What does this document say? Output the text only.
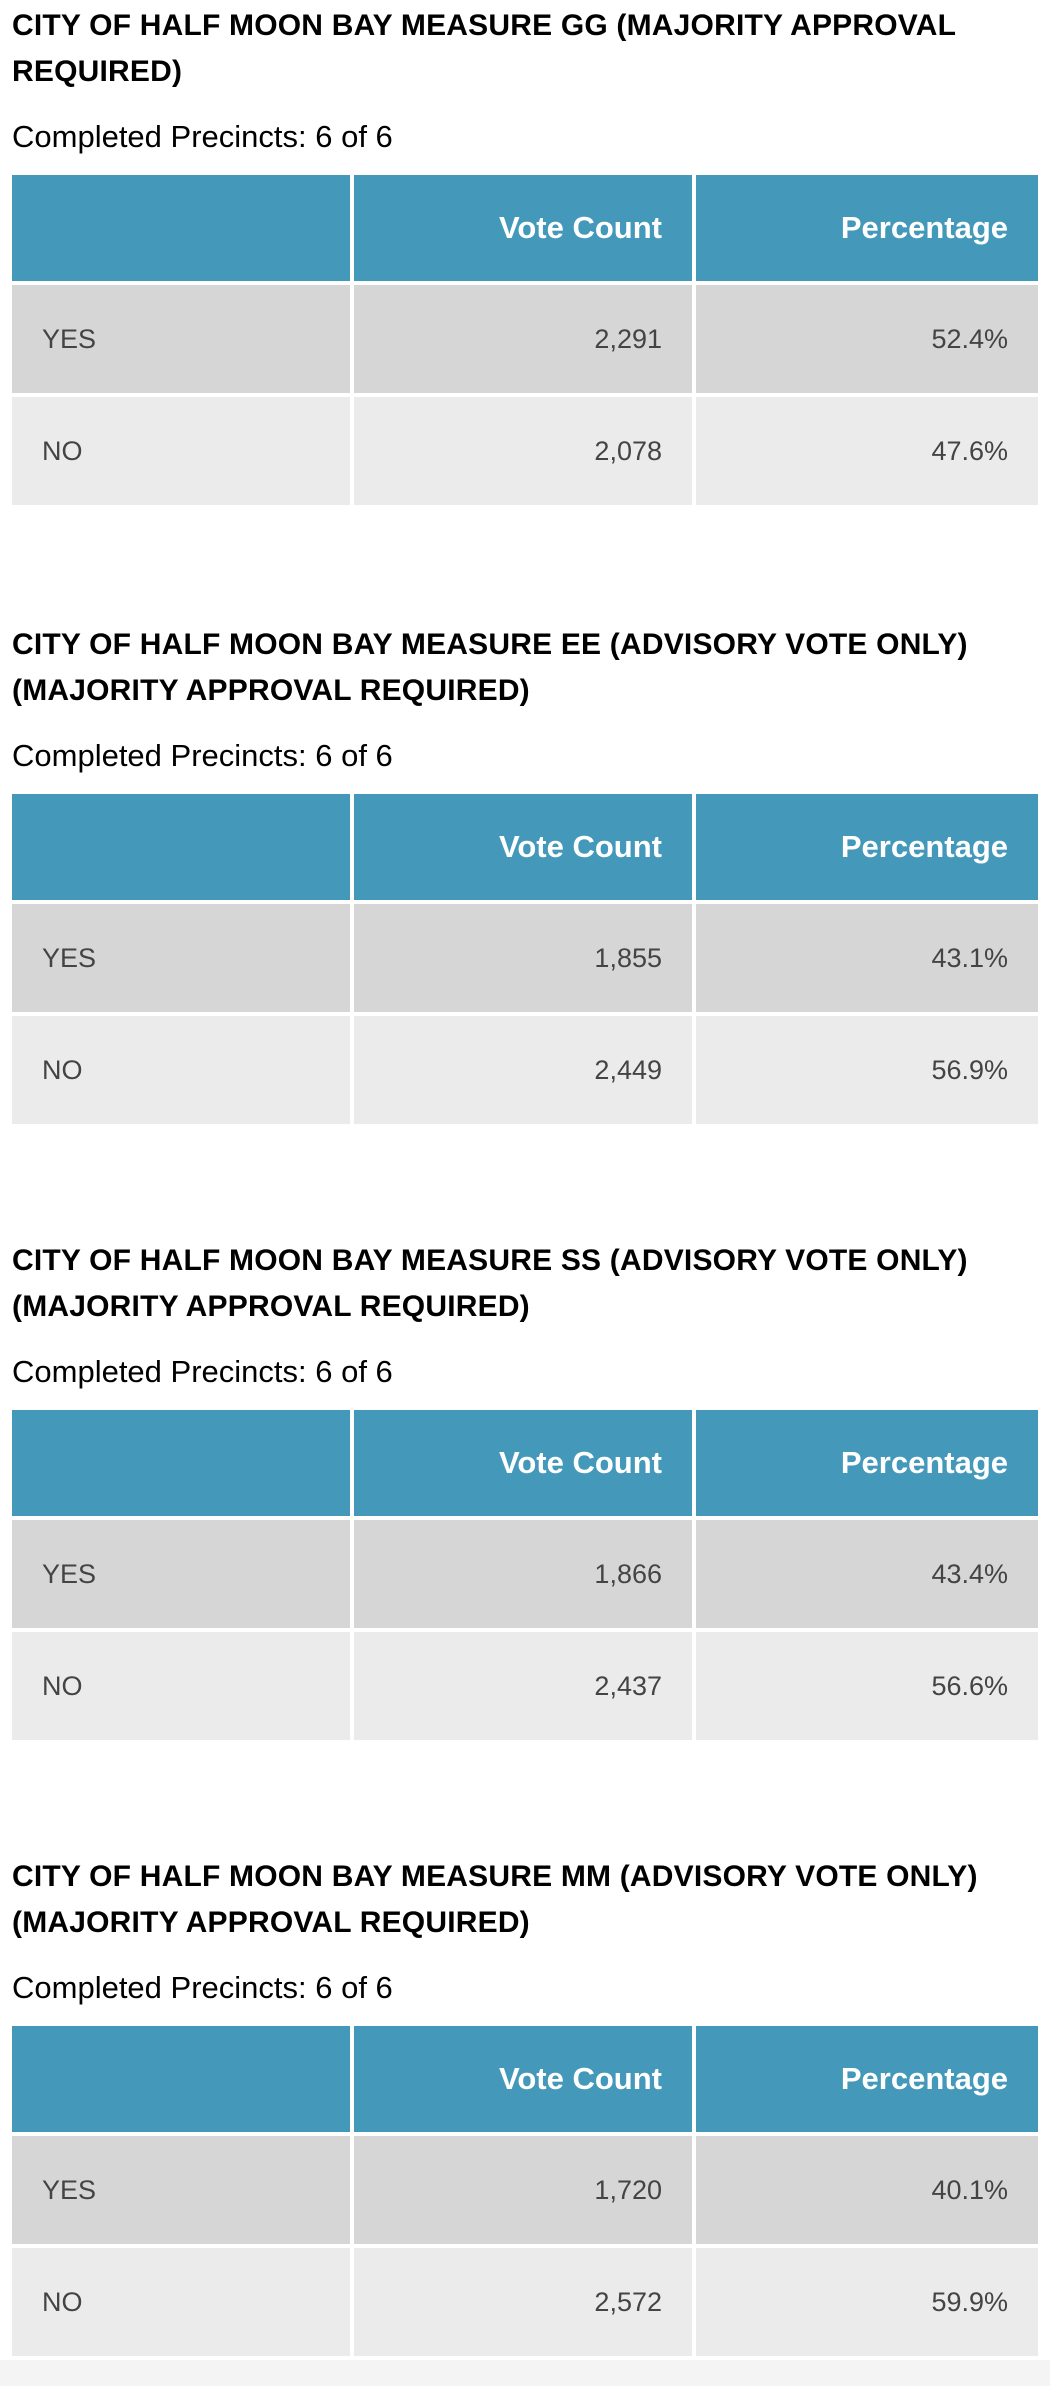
CITY OF HALF MOON BAY MEASURE GG (MAJORITY APPROVAL REQUIRED)

Completed Precincts: 6 of 6

	Vote Count	Percentage
YES	2,291	52.4%
NO	2,078	47.6%
CITY OF HALF MOON BAY MEASURE EE (ADVISORY VOTE ONLY) (MAJORITY APPROVAL REQUIRED)

Completed Precincts: 6 of 6

	Vote Count	Percentage
YES	1,855	43.1%
NO	2,449	56.9%
CITY OF HALF MOON BAY MEASURE SS (ADVISORY VOTE ONLY) (MAJORITY APPROVAL REQUIRED)

Completed Precincts: 6 of 6

	Vote Count	Percentage
YES	1,866	43.4%
NO	2,437	56.6%
CITY OF HALF MOON BAY MEASURE MM (ADVISORY VOTE ONLY) (MAJORITY APPROVAL REQUIRED)

Completed Precincts: 6 of 6

	Vote Count	Percentage
YES	1,720	40.1%
NO	2,572	59.9%
